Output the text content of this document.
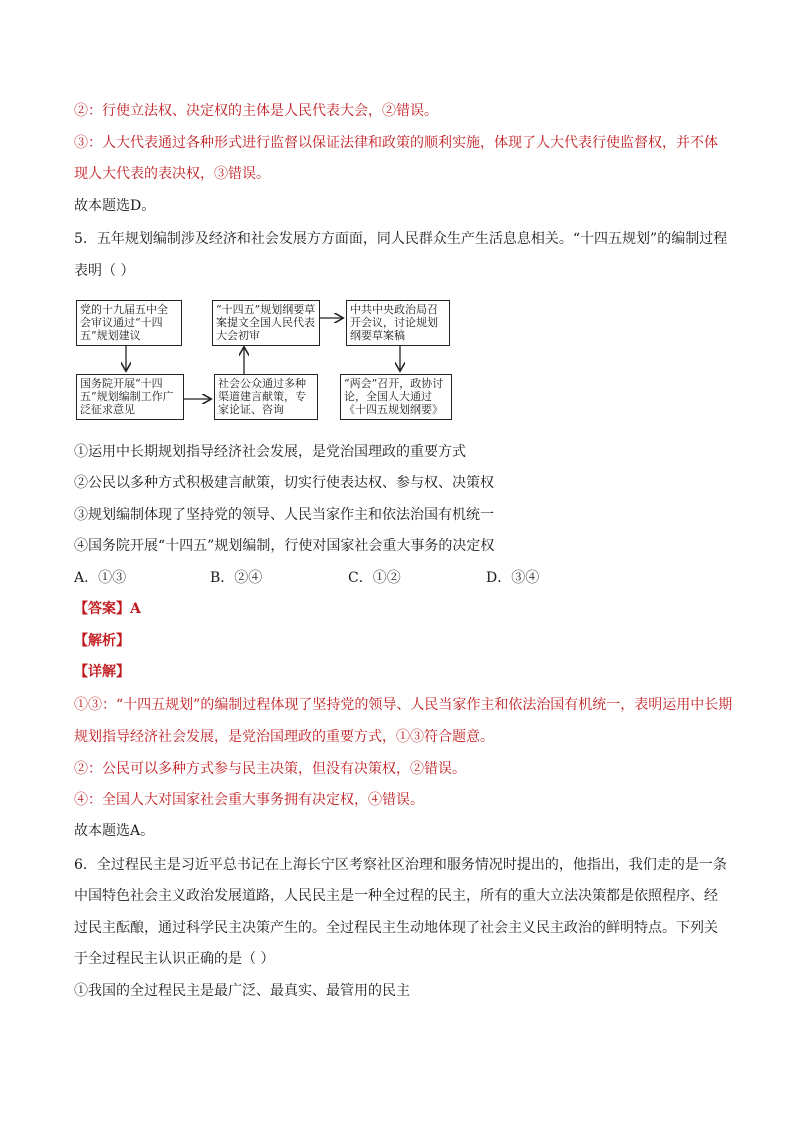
②：行使立法权、决定权的主体是人民代表大会，②错误。
③：人大代表通过各种形式进行监督以保证法律和政策的顺利实施，体现了人大代表行使监督权，并不体
现人大代表的表决权，③错误。
故本题选D。
5．五年规划编制涉及经济和社会发展方方面面，同人民群众生产生活息息相关。“十四五规划”的编制过程
表明（ ）
党的十九届五中全会审议通过“十四五”规划建议
“十四五”规划纲要草案提文全国人民代表大会初审
中共中央政治局召开会议，讨论规划纲要草案稿
国务院开展“十四五”规划编制工作广泛征求意见
社会公众通过多种渠道建言献策，专家论证、咨询
“两会”召开，政协讨论，全国人大通过《十四五规划纲要》
①运用中长期规划指导经济社会发展，是党治国理政的重要方式
②公民以多种方式积极建言献策，切实行使表达权、参与权、决策权
③规划编制体现了坚持党的领导、人民当家作主和依法治国有机统一
④国务院开展“十四五”规划编制，行使对国家社会重大事务的决定权
A．①③	B．②④	C．①②	D．③④
【答案】A
【解析】
【详解】
①③：“十四五规划”的编制过程体现了坚持党的领导、人民当家作主和依法治国有机统一，表明运用中长期
规划指导经济社会发展，是党治国理政的重要方式，①③符合题意。
②：公民可以多种方式参与民主决策，但没有决策权，②错误。
④：全国人大对国家社会重大事务拥有决定权，④错误。
故本题选A。
6．全过程民主是习近平总书记在上海长宁区考察社区治理和服务情况时提出的，他指出，我们走的是一条
中国特色社会主义政治发展道路，人民民主是一种全过程的民主，所有的重大立法决策都是依照程序、经
过民主酝酿，通过科学民主决策产生的。全过程民主生动地体现了社会主义民主政治的鲜明特点。下列关
于全过程民主认识正确的是（ ）
①我国的全过程民主是最广泛、最真实、最管用的民主
